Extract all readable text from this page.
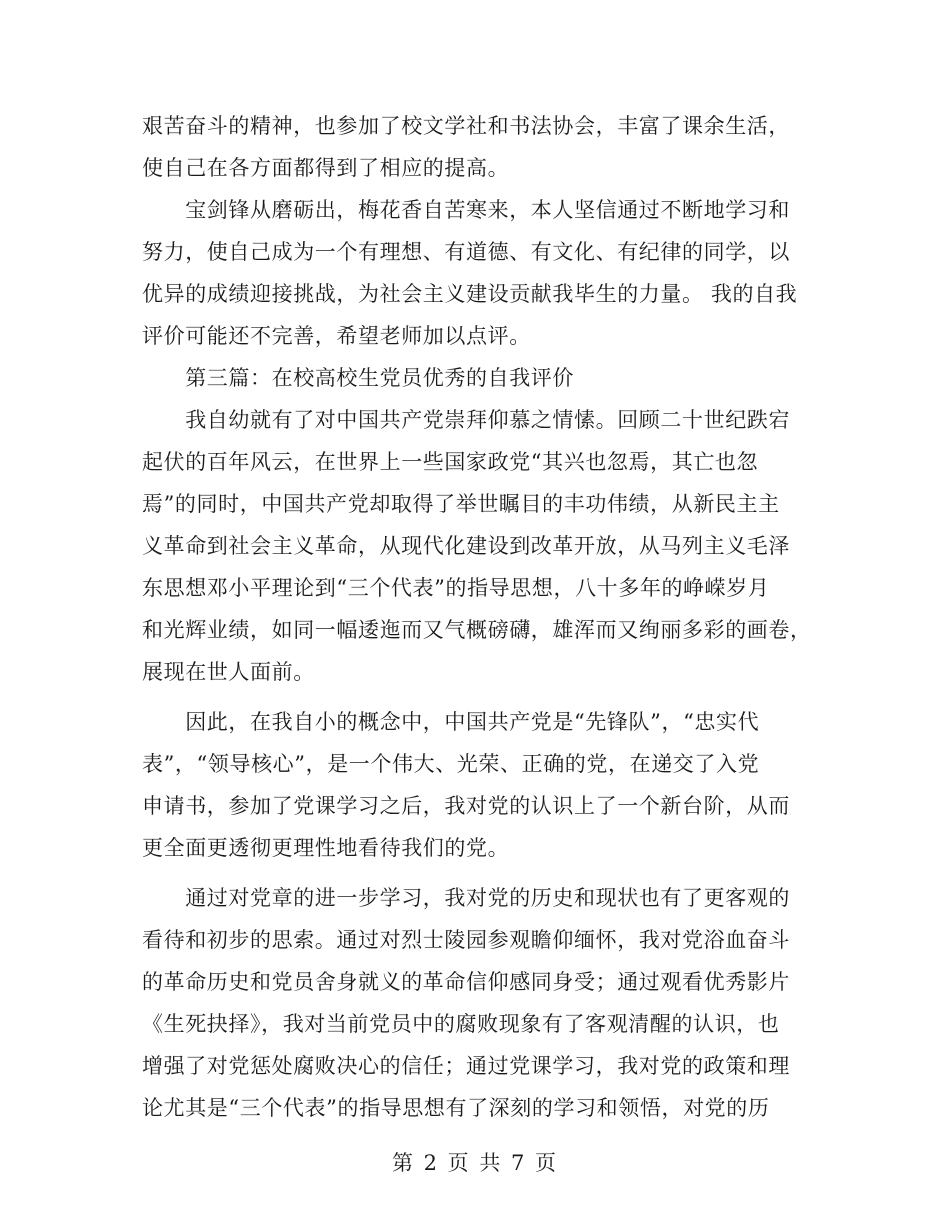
艰苦奋斗的精神，也参加了校文学社和书法协会，丰富了课余生活，
使自己在各方面都得到了相应的提高。
　　宝剑锋从磨砺出，梅花香自苦寒来，本人坚信通过不断地学习和
努力，使自己成为一个有理想、有道德、有文化、有纪律的同学，以
优异的成绩迎接挑战，为社会主义建设贡献我毕生的力量。 我的自我
评价可能还不完善，希望老师加以点评。
　　第三篇：在校高校生党员优秀的自我评价
　　我自幼就有了对中国共产党崇拜仰慕之情愫。回顾二十世纪跌宕
起伏的百年风云，在世界上一些国家政党“其兴也忽焉，其亡也忽
焉”的同时，中国共产党却取得了举世瞩目的丰功伟绩，从新民主主
义革命到社会主义革命，从现代化建设到改革开放，从马列主义毛泽
东思想邓小平理论到“三个代表”的指导思想，八十多年的峥嵘岁月
和光辉业绩，如同一幅逶迤而又气概磅礴，雄浑而又绚丽多彩的画卷，
展现在世人面前。
　　因此，在我自小的概念中，中国共产党是“先锋队”，“忠实代
表”，“领导核心”，是一个伟大、光荣、正确的党，在递交了入党
申请书，参加了党课学习之后，我对党的认识上了一个新台阶，从而
更全面更透彻更理性地看待我们的党。
　　通过对党章的进一步学习，我对党的历史和现状也有了更客观的
看待和初步的思索。通过对烈士陵园参观瞻仰缅怀，我对党浴血奋斗
的革命历史和党员舍身就义的革命信仰感同身受；通过观看优秀影片
《生死抉择》，我对当前党员中的腐败现象有了客观清醒的认识，也
增强了对党惩处腐败决心的信任；通过党课学习，我对党的政策和理
论尤其是“三个代表”的指导思想有了深刻的学习和领悟，对党的历
第 2 页 共 7 页
